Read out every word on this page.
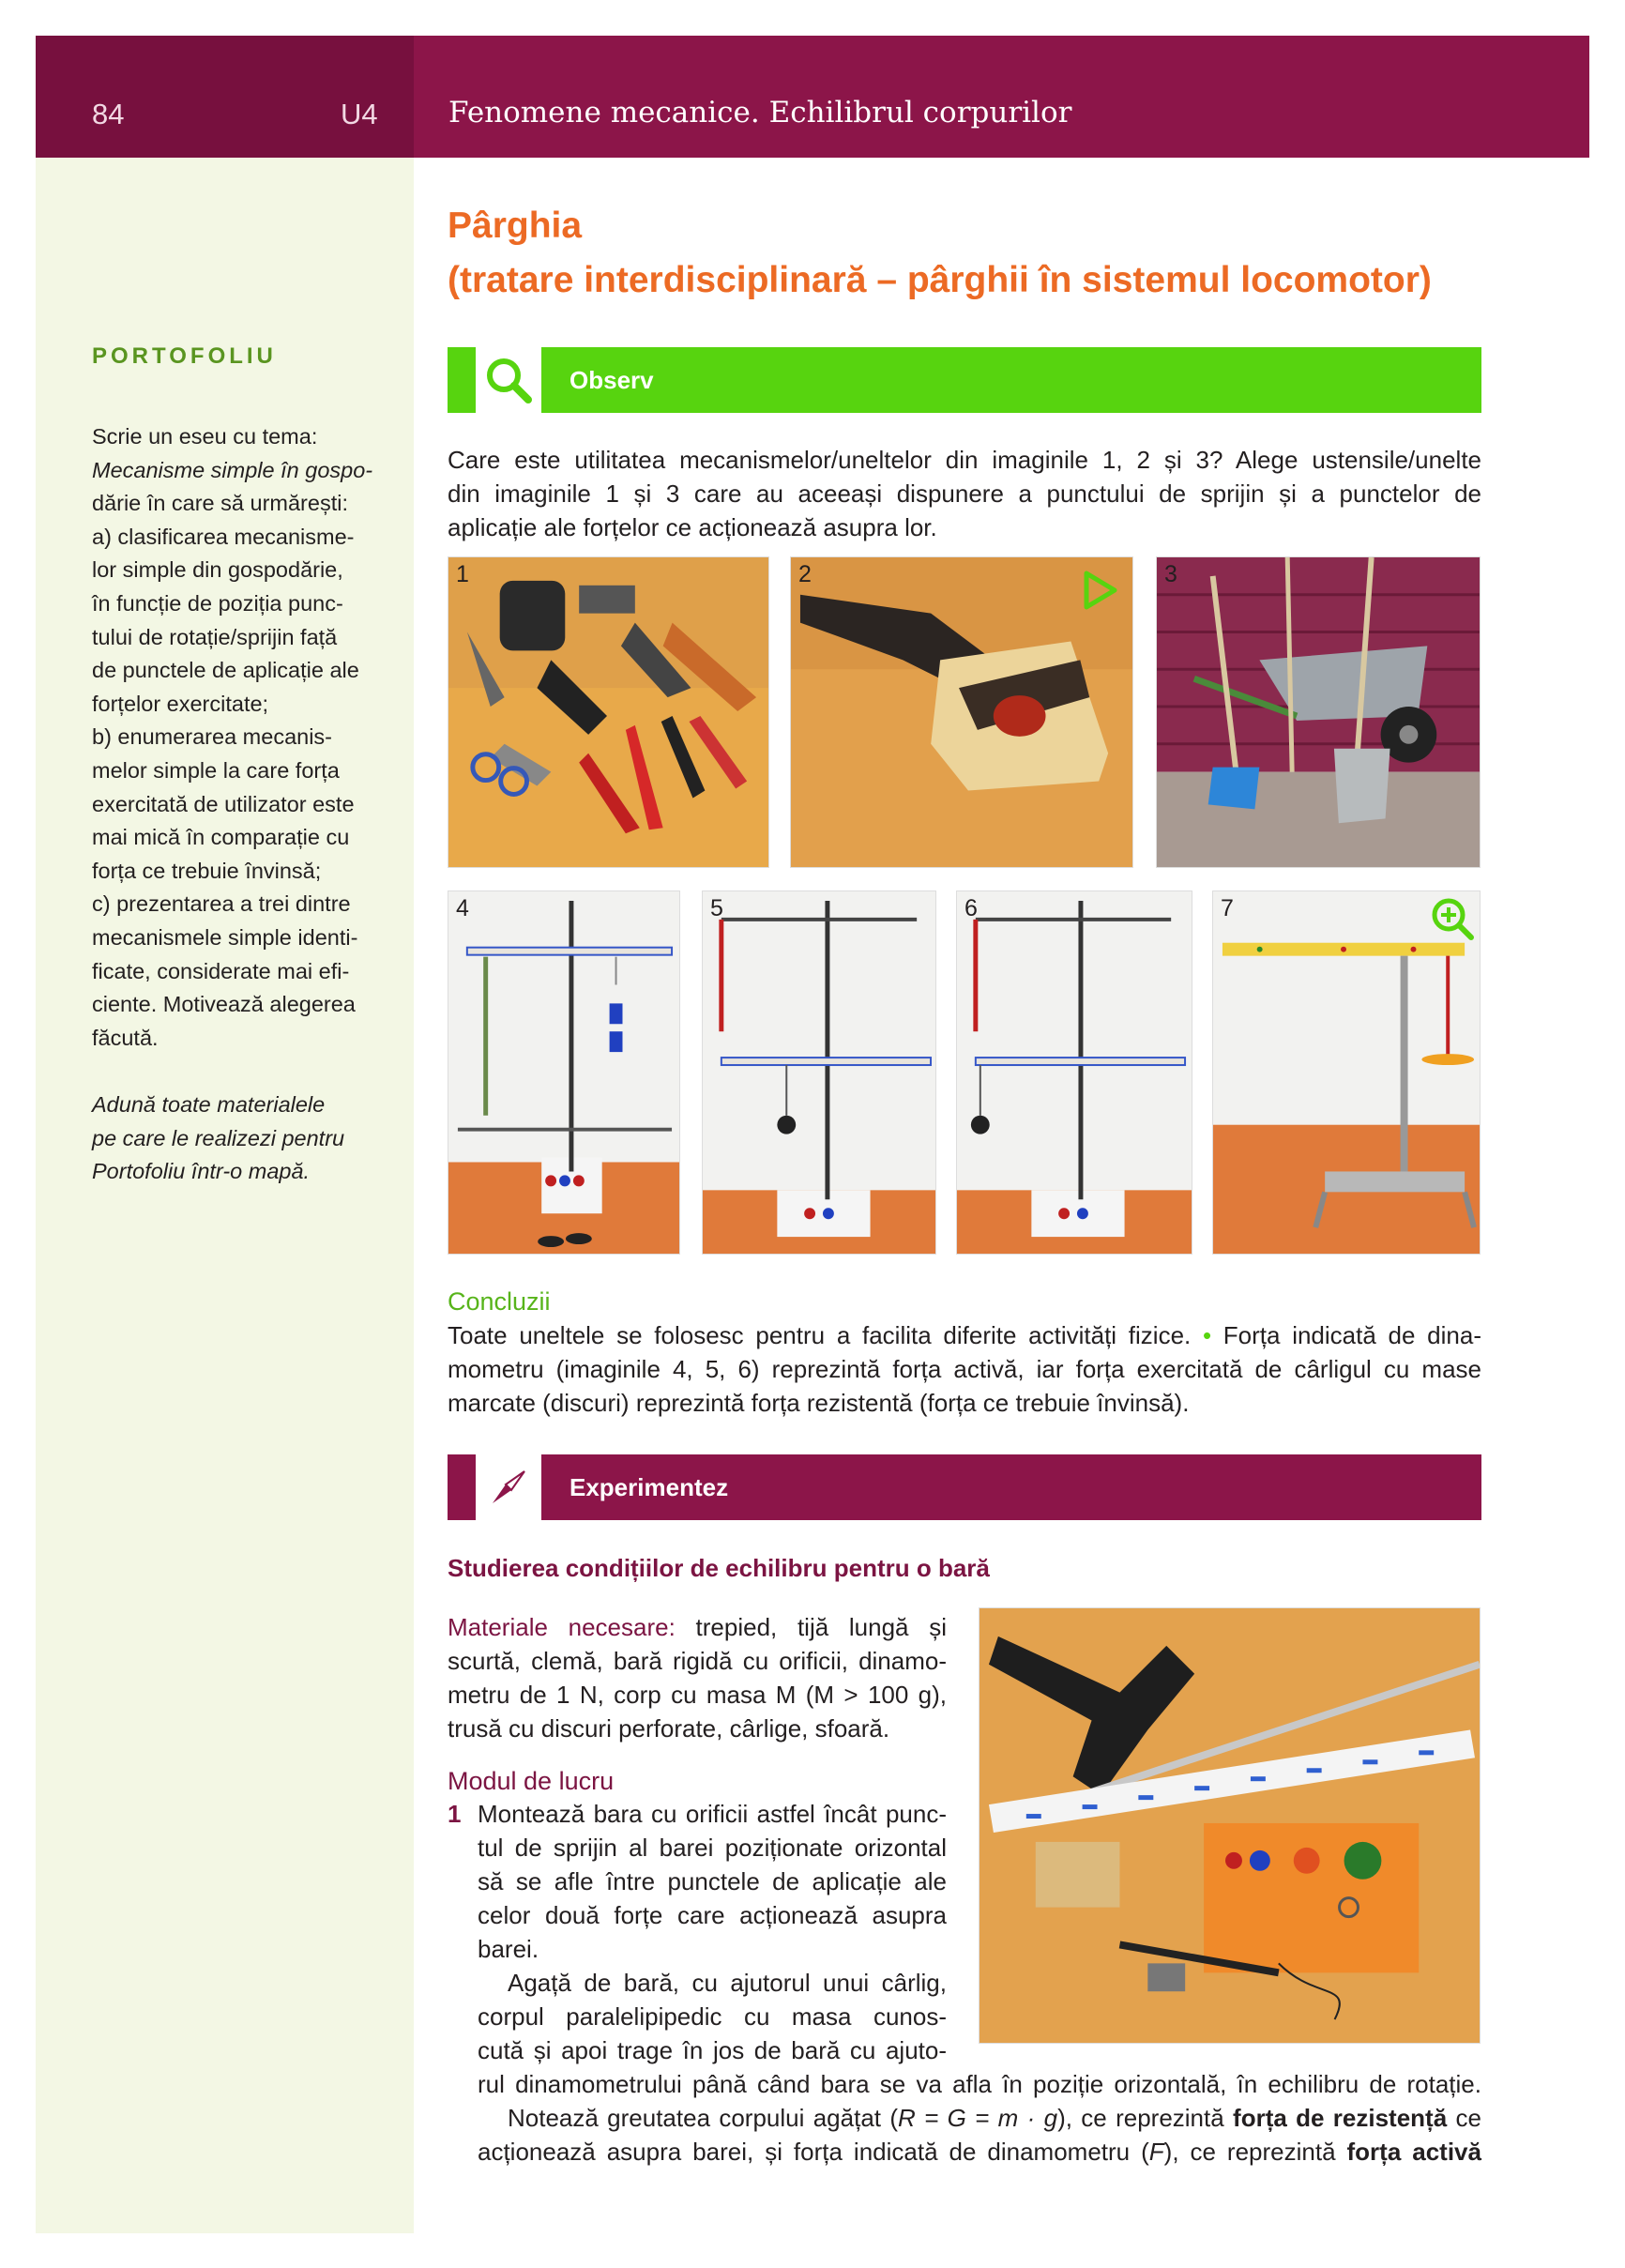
84	U4 Fenomene mecanice. Echilibrul corpurilor
PORTOFOLIU
Scrie un eseu cu tema:
Mecanisme simple în gospo-
dărie în care să urmărești:
a) clasificarea mecanisme-
lor simple din gospodărie,
în funcție de poziția punc-
tului de rotație/sprijin față
de punctele de aplicație ale
forțelor exercitate;
b) enumerarea mecanis-
melor simple la care forța
exercitată de utilizator este
mai mică în comparație cu
forța ce trebuie învinsă;
c) prezentarea a trei dintre
mecanismele simple identi-
ficate, considerate mai efi-
ciente. Motivează alegerea
făcută.
Adună toate materialele
pe care le realizezi pentru
Portofoliu într-o mapă.
Pârghia
(tratare interdisciplinară – pârghii în sistemul locomotor)
Observ
Care este utilitatea mecanismelor/uneltelor din imaginile 1, 2 și 3? Alege ustensile/unelte
din imaginile 1 și 3 care au aceeași dispunere a punctului de sprijin și a punctelor de
aplicație ale forțelor ce acționează asupra lor.
1	2	3
4	5	6	7
Concluzii
Toate uneltele se folosesc pentru a facilita diferite activități fizice. • Forța indicată de dina-
mometru (imaginile 4, 5, 6) reprezintă forța activă, iar forța exercitată de cârligul cu mase
marcate (discuri) reprezintă forța rezistentă (forța ce trebuie învinsă).
Experimentez
Studierea condițiilor de echilibru pentru o bară
Materiale necesare: trepied, tijă lungă și
scurtă, clemă, bară rigidă cu orificii, dinamo-
metru de 1 N, corp cu masa M (M > 100 g),
trusă cu discuri perforate, cârlige, sfoară.
Modul de lucru
1 Montează bara cu orificii astfel încât punc-
tul de sprijin al barei poziționate orizontal
să se afle între punctele de aplicație ale
celor două forțe care acționează asupra
barei.
Agață de bară, cu ajutorul unui cârlig,
corpul paralelipipedic cu masa cunos-
cută și apoi trage în jos de bară cu ajuto-
rul dinamometrului până când bara se va afla în poziție orizontală, în echilibru de rotație.
Notează greutatea corpului agățat (R = G = m · g), ce reprezintă forța de rezistență ce
acționează asupra barei, și forța indicată de dinamometru (F), ce reprezintă forța activă
